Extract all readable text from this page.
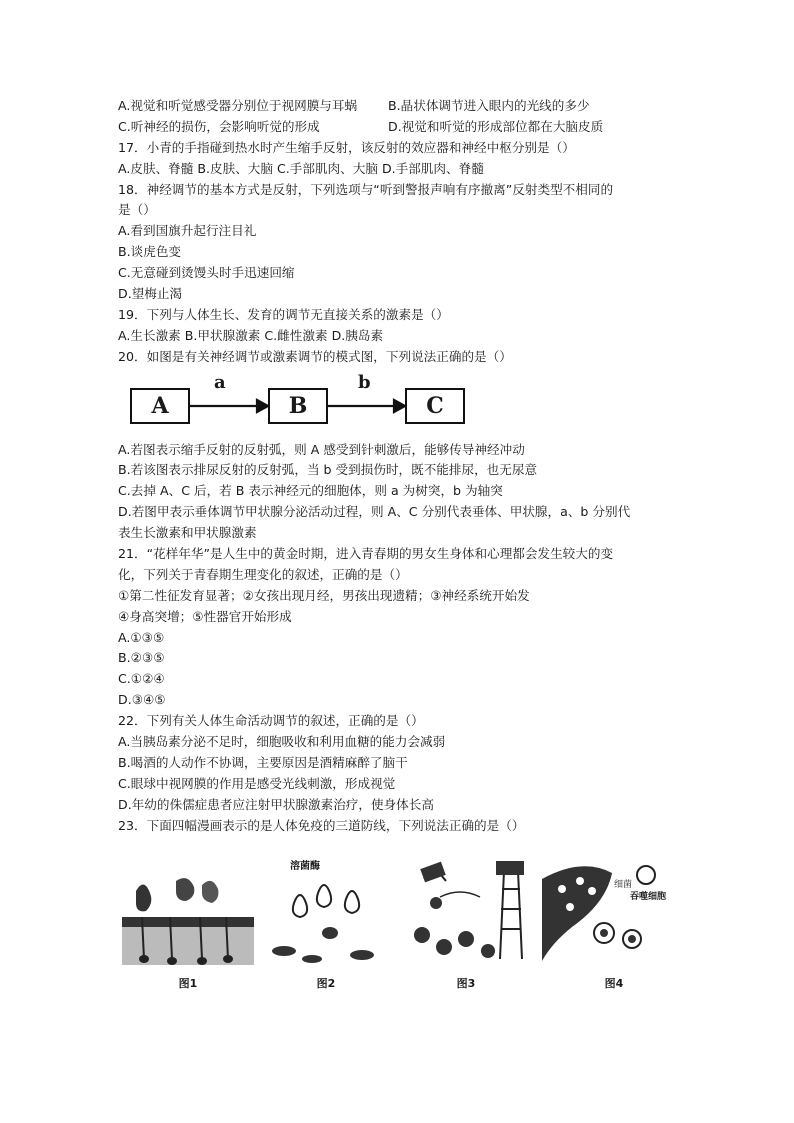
A.视觉和听觉感受器分别位于视网膜与耳蜗 B.晶状体调节进入眼内的光线的多少
C.听神经的损伤，会影响听觉的形成	D.视觉和听觉的形成部位都在大脑皮质
17．小青的手指碰到热水时产生缩手反射，该反射的效应器和神经中枢分别是（）
A.皮肤、脊髓 B.皮肤、大脑 C.手部肌肉、大脑 D.手部肌肉、脊髓
18．神经调节的基本方式是反射，下列选项与“听到警报声响有序撤离”反射类型不相同的
是（）
A.看到国旗升起行注目礼
B.谈虎色变
C.无意碰到烫馒头时手迅速回缩
D.望梅止渴
19．下列与人体生长、发育的调节无直接关系的激素是（）
A.生长激素 B.甲状腺激素 C.雌性激素 D.胰岛素
20．如图是有关神经调节或激素调节的模式图，下列说法正确的是（）
A	B	C
a	b
A.若图表示缩手反射的反射弧，则 A 感受到针刺激后，能够传导神经冲动
B.若该图表示排尿反射的反射弧，当 b 受到损伤时，既不能排尿，也无尿意
C.去掉 A、C 后，若 B 表示神经元的细胞体，则 a 为树突，b 为轴突
D.若图甲表示垂体调节甲状腺分泌活动过程，则 A、C 分别代表垂体、甲状腺，a、b 分别代
表生长激素和甲状腺激素
21．“花样年华”是人生中的黄金时期，进入青春期的男女生身体和心理都会发生较大的变
化，下列关于青春期生理变化的叙述，正确的是（）
①第二性征发育显著；②女孩出现月经，男孩出现遗精；③神经系统开始发
④身高突增；⑤性器官开始形成
A.①③⑤
B.②③⑤
C.①②④
D.③④⑤
22．下列有关人体生命活动调节的叙述，正确的是（）
A.当胰岛素分泌不足时，细胞吸收和利用血糖的能力会减弱
B.喝酒的人动作不协调，主要原因是酒精麻醉了脑干
C.眼球中视网膜的作用是感受光线刺激，形成视觉
D.年幼的侏儒症患者应注射甲状腺激素治疗，使身体长高
23．下面四幅漫画表示的是人体免疫的三道防线，下列说法正确的是（）
图1
溶菌酶
图2	图3
吞噬细胞
细菌
图4
